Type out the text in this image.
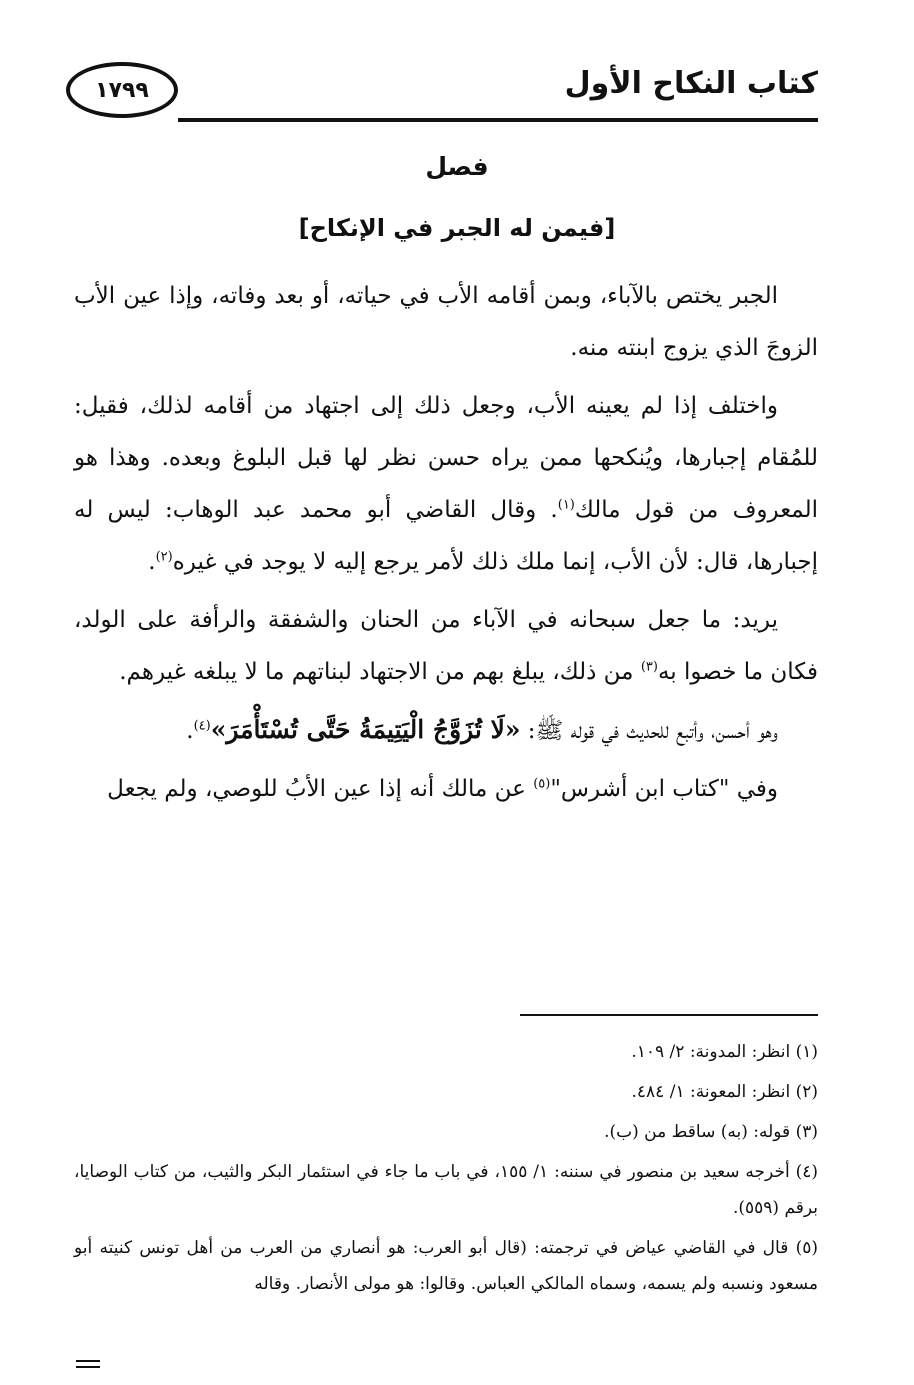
١٧٩٩	كتاب النكاح الأول
فصل
[فيمن له الجبر في الإنكاح]

الجبر يختص بالآباء، وبمن أقامه الأب في حياته، أو بعد وفاته، وإذا عين الأب الزوجَ الذي يزوج ابنته منه.

واختلف إذا لم يعينه الأب، وجعل ذلك إلى اجتهاد من أقامه لذلك، فقيل: للمُقام إجبارها، ويُنكحها ممن يراه حسن نظر لها قبل البلوغ وبعده. وهذا هو المعروف من قول مالك$^{(١)}$. وقال القاضي أبو محمد عبد الوهاب: ليس له إجبارها، قال: لأن الأب، إنما ملك ذلك لأمر يرجع إليه لا يوجد في غيره$^{(٢)}$.

يريد: ما جعل سبحانه في الآباء من الحنان والشفقة والرأفة على الولد، فكان ما خصوا به$^{(٣)}$ من ذلك، يبلغ بهم من الاجتهاد لبناتهم ما لا يبلغه غيرهم.

وهو أحسن، وأتبع للحديث في قوله ﷺ: «لَا تُزَوَّجُ الْيَتِيمَةُ حَتَّى تُسْتَأْمَرَ»$^{(٤)}$.

وفي "كتاب ابن أشرس"$^{(٥)}$ عن مالك أنه إذا عين الأبُ للوصي، ولم يجعل

(١) انظر: المدونة: ٢/ ١٠٩.
(٢) انظر: المعونة: ١/ ٤٨٤.
(٣) قوله: (به) ساقط من (ب).
(٤) أخرجه سعيد بن منصور في سننه: ١/ ١٥٥، في باب ما جاء في استئمار البكر والثيب، من كتاب الوصايا، برقم (٥٥٩).
(٥) قال في القاضي عياض في ترجمته: (قال أبو العرب: هو أنصاري من العرب من أهل تونس كنيته أبو مسعود ونسبه ولم يسمه، وسماه المالكي العباس. وقالوا: هو مولى الأنصار. وقاله
